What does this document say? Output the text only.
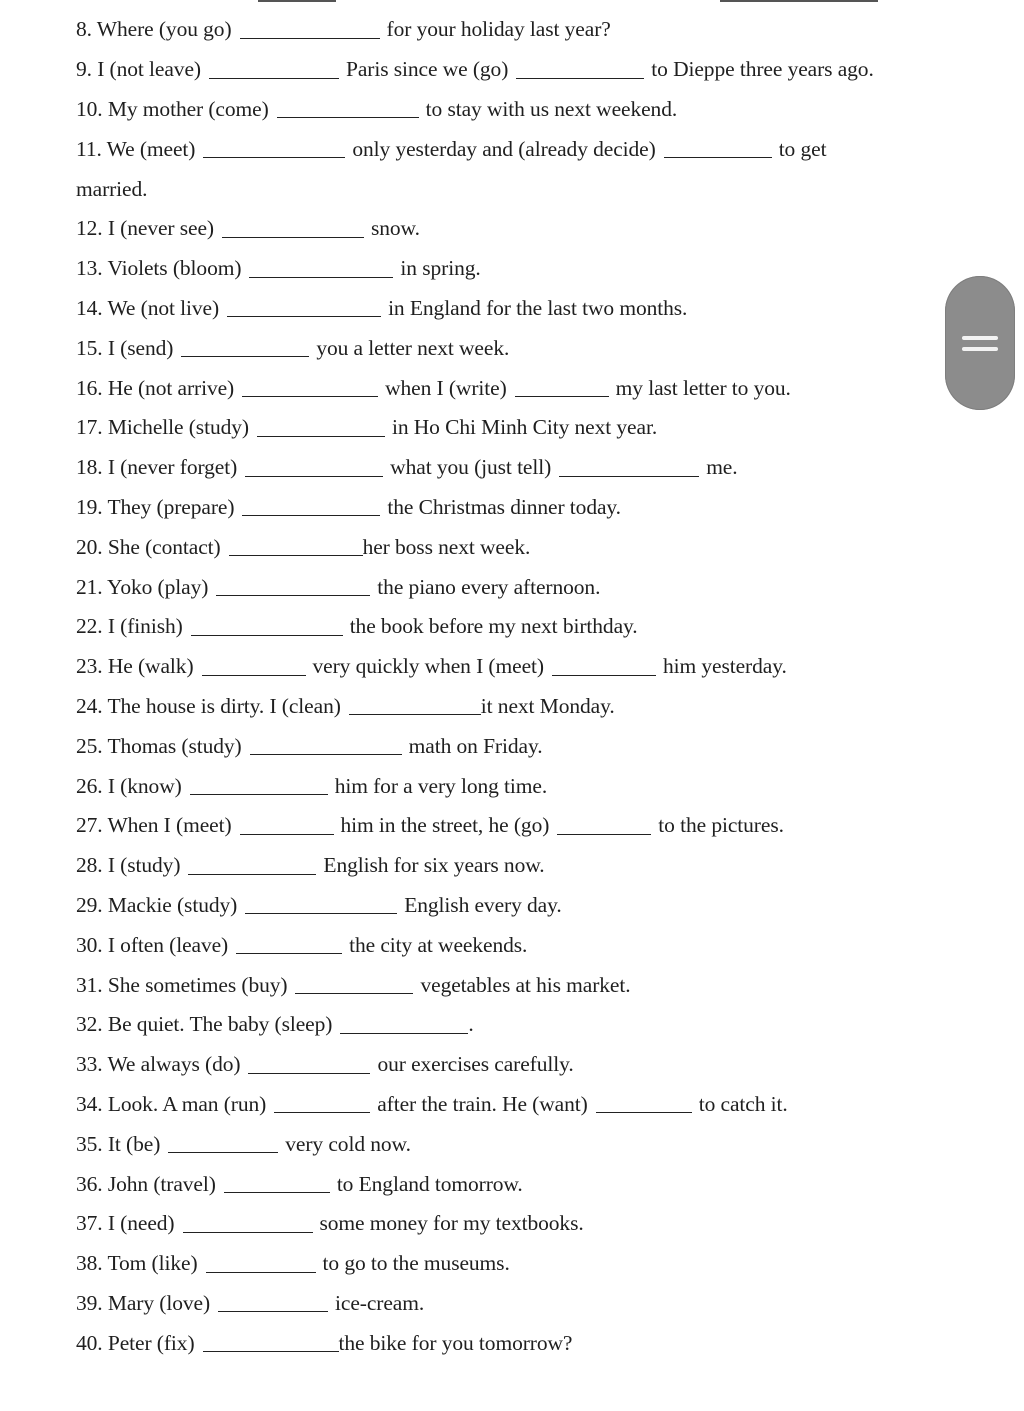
8. Where (you go)	for your holiday last year?
9. I (not leave)	Paris since we (go)	to Dieppe three years ago.
10. My mother (come)	to stay with us next weekend.
11. We (meet)	only yesterday and (already decide)	to get
married.
12. I (never see)	snow.
13. Violets (bloom)	in spring.
14. We (not live)	in England for the last two months.
15. I (send)	you a letter next week.
16. He (not arrive)	when I (write)	my last letter to you.
17. Michelle (study)	in Ho Chi Minh City next year.
18. I (never forget)	what you (just tell)	me.
19. They (prepare)	the Christmas dinner today.
20. She (contact)	her boss next week.
21. Yoko (play)	the piano every afternoon.
22. I (finish)	the book before my next birthday.
23. He (walk)	very quickly when I (meet)	him yesterday.
24. The house is dirty. I (clean)	it next Monday.
25. Thomas (study)	math on Friday.
26. I (know)	him for a very long time.
27. When I (meet)	him in the street, he (go)	to the pictures.
28. I (study)	English for six years now.
29. Mackie (study)	English every day.
30. I often (leave)	the city at weekends.
31. She sometimes (buy)	vegetables at his market.
32. Be quiet. The baby (sleep)	.
33. We always (do)	our exercises carefully.
34. Look. A man (run)	after the train. He (want)	to catch it.
35. It (be)	very cold now.
36. John (travel)	to England tomorrow.
37. I (need)	some money for my textbooks.
38. Tom (like)	to go to the museums.
39. Mary (love)	ice-cream.
40. Peter (fix)	the bike for you tomorrow?
